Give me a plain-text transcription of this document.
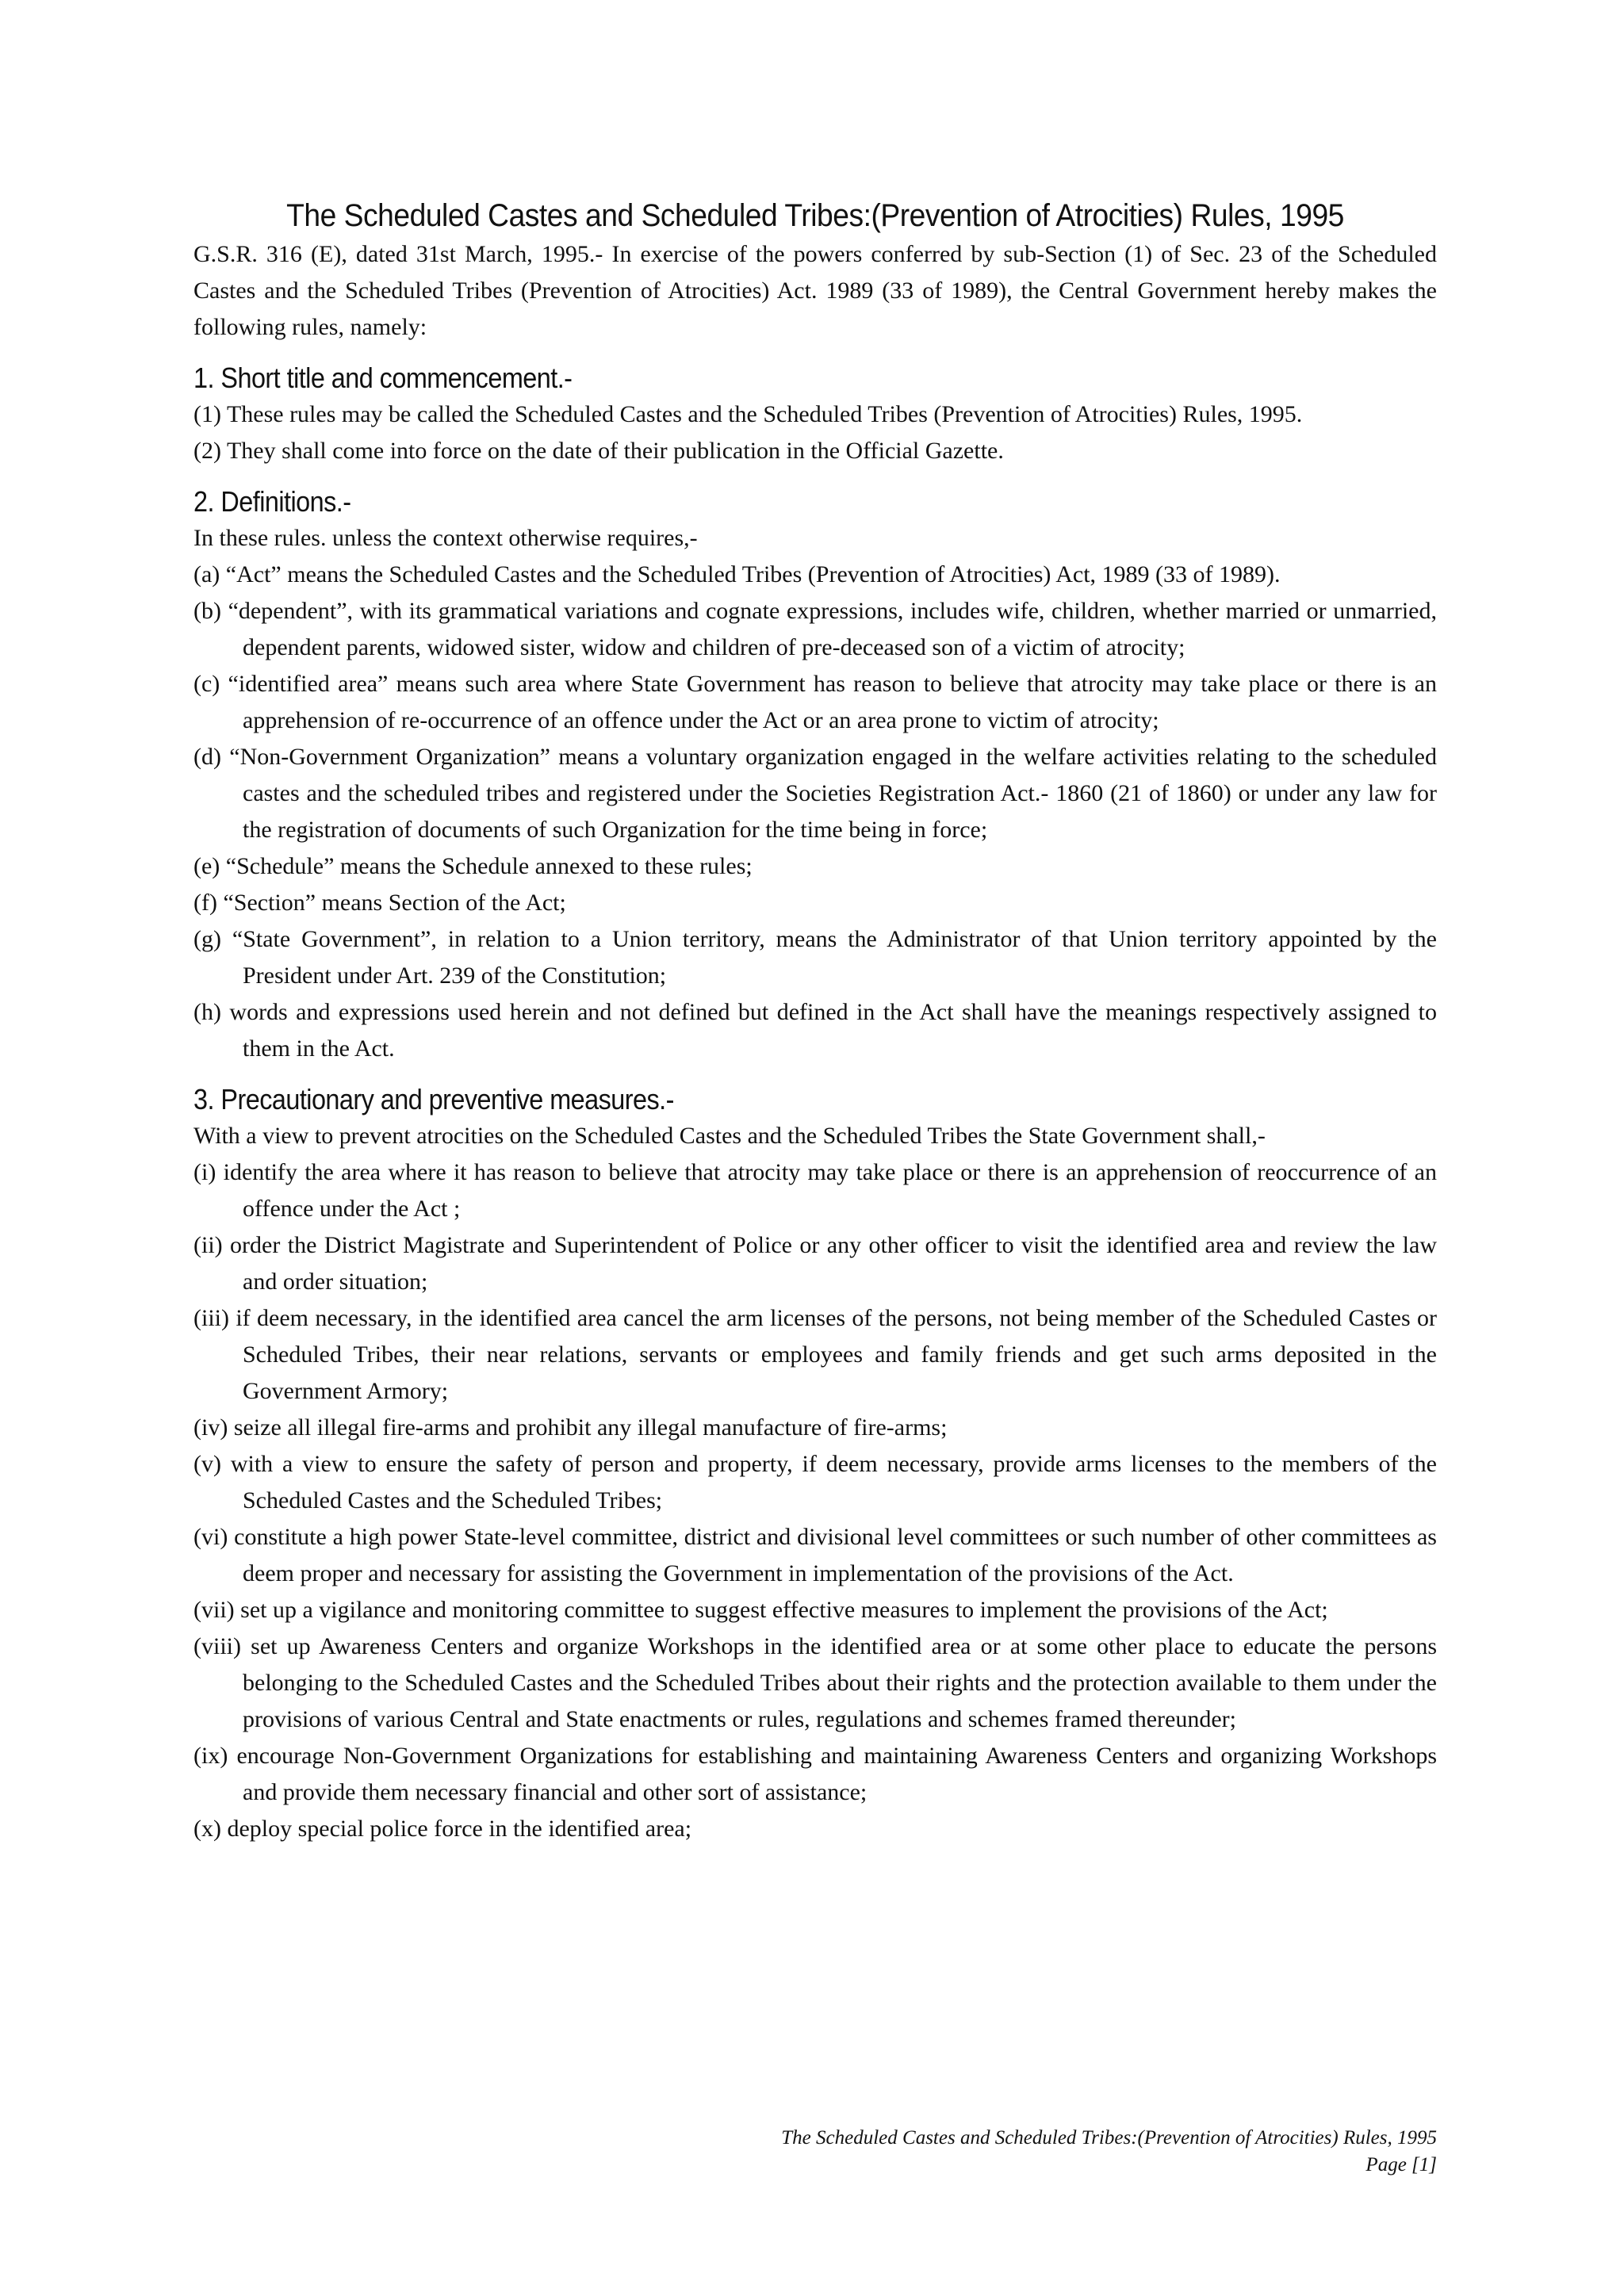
The Scheduled Castes and Scheduled Tribes:(Prevention of Atrocities) Rules, 1995

G.S.R. 316 (E), dated 31st March, 1995.- In exercise of the powers conferred by sub-Section (1) of Sec. 23 of the Scheduled Castes and the Scheduled Tribes (Prevention of Atrocities) Act. 1989 (33 of 1989), the Central Government hereby makes the following rules, namely:

1. Short title and commencement.-
(1) These rules may be called the Scheduled Castes and the Scheduled Tribes (Prevention of Atrocities) Rules, 1995.
(2) They shall come into force on the date of their publication in the Official Gazette.
2. Definitions.-

In these rules. unless the context otherwise requires,-

(a) “Act” means the Scheduled Castes and the Scheduled Tribes (Prevention of Atrocities) Act, 1989 (33 of 1989).
(b) “dependent”, with its grammatical variations and cognate expressions, includes wife, children, whether married or unmarried, dependent parents, widowed sister, widow and children of pre-deceased son of a victim of atrocity;
(c) “identified area” means such area where State Government has reason to believe that atrocity may take place or there is an apprehension of re-occurrence of an offence under the Act or an area prone to victim of atrocity;
(d) “Non-Government Organization” means a voluntary organization engaged in the welfare activities relating to the scheduled castes and the scheduled tribes and registered under the Societies Registration Act.- 1860 (21 of 1860) or under any law for the registration of documents of such Organization for the time being in force;
(e) “Schedule” means the Schedule annexed to these rules;
(f) “Section” means Section of the Act;
(g) “State Government”, in relation to a Union territory, means the Administrator of that Union territory appointed by the President under Art. 239 of the Constitution;
(h) words and expressions used herein and not defined but defined in the Act shall have the meanings respectively assigned to them in the Act.
3. Precautionary and preventive measures.-

With a view to prevent atrocities on the Scheduled Castes and the Scheduled Tribes the State Government shall,-

(i) identify the area where it has reason to believe that atrocity may take place or there is an apprehension of reoccurrence of an offence under the Act ;
(ii) order the District Magistrate and Superintendent of Police or any other officer to visit the identified area and review the law and order situation;
(iii) if deem necessary, in the identified area cancel the arm licenses of the persons, not being member of the Scheduled Castes or Scheduled Tribes, their near relations, servants or employees and family friends and get such arms deposited in the Government Armory;
(iv) seize all illegal fire-arms and prohibit any illegal manufacture of fire-arms;
(v) with a view to ensure the safety of person and property, if deem necessary, provide arms licenses to the members of the Scheduled Castes and the Scheduled Tribes;
(vi) constitute a high power State-level committee, district and divisional level committees or such number of other committees as deem proper and necessary for assisting the Government in implementation of the provisions of the Act.
(vii) set up a vigilance and monitoring committee to suggest effective measures to implement the provisions of the Act;
(viii) set up Awareness Centers and organize Workshops in the identified area or at some other place to educate the persons belonging to the Scheduled Castes and the Scheduled Tribes about their rights and the protection available to them under the provisions of various Central and State enactments or rules, regulations and schemes framed thereunder;
(ix) encourage Non-Government Organizations for establishing and maintaining Awareness Centers and organizing Workshops and provide them necessary financial and other sort of assistance;
(x) deploy special police force in the identified area;
The Scheduled Castes and Scheduled Tribes:(Prevention of Atrocities) Rules, 1995
Page [1]
